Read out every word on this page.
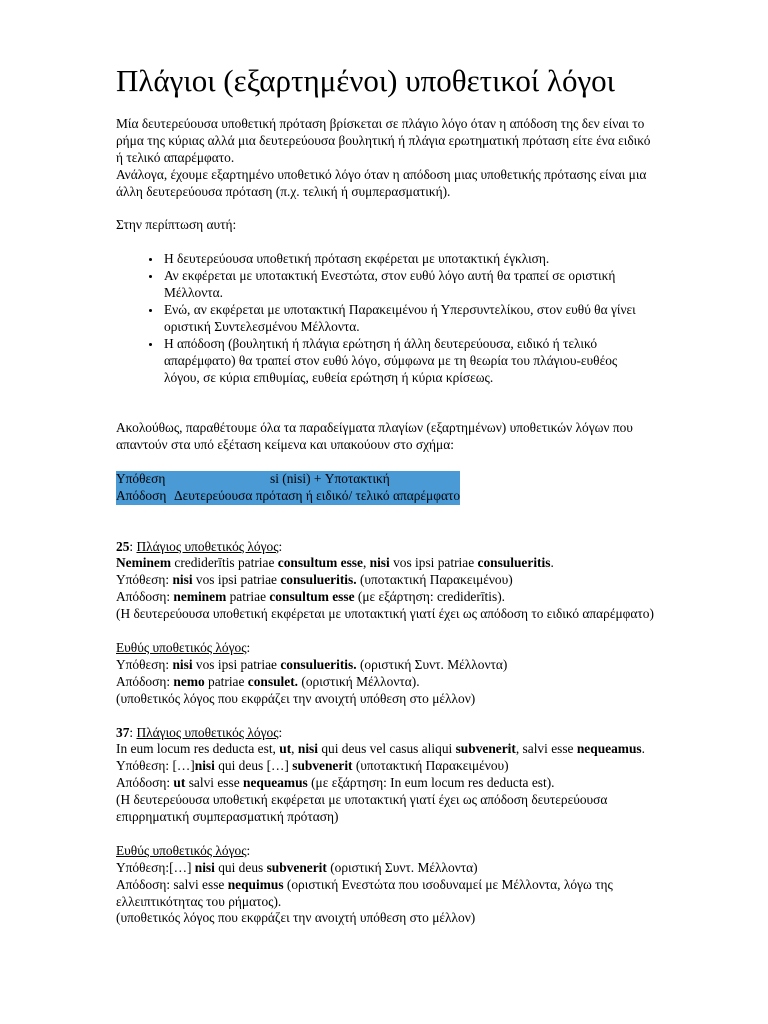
Πλάγιοι (εξαρτημένοι) υποθετικοί λόγοι

Μία δευτερεύουσα υποθετική πρόταση βρίσκεται σε πλάγιο λόγο όταν η απόδοση της δεν είναι το ρήμα της κύριας αλλά μια δευτερεύουσα βουλητική ή πλάγια ερωτηματική πρόταση είτε ένα ειδικό ή τελικό απαρέμφατο.

Ανάλογα, έχουμε εξαρτημένο υποθετικό λόγο όταν η απόδοση μιας υποθετικής πρότασης είναι μια άλλη δευτερεύουσα πρόταση (π.χ. τελική ή συμπερασματική).

Στην περίπτωση αυτή:

• Η δευτερεύουσα υποθετική πρόταση εκφέρεται με υποτακτική έγκλιση.
• Αν εκφέρεται με υποτακτική Ενεστώτα, στον ευθύ λόγο αυτή θα τραπεί σε οριστική Μέλλοντα.
• Ενώ, αν εκφέρεται με υποτακτική Παρακειμένου ή Υπερσυντελίκου, στον ευθύ θα γίνει οριστική Συντελεσμένου Μέλλοντα.
• Η απόδοση (βουλητική ή πλάγια ερώτηση ή άλλη δευτερεύουσα, ειδικό ή τελικό απαρέμφατο) θα τραπεί στον ευθύ λόγο, σύμφωνα με τη θεωρία του πλάγιου-ευθέος λόγου, σε κύρια επιθυμίας, ευθεία ερώτηση ή κύρια κρίσεως.

Ακολούθως, παραθέτουμε όλα τα παραδείγματα πλαγίων (εξαρτημένων) υποθετικών λόγων που απαντούν στα υπό εξέταση κείμενα και υπακούουν στο σχήμα:

Υπόθεση		si (nisi) + Υποτακτική
Απόδοση	Δευτερεύουσα πρόταση ή ειδικό/ τελικό απαρέμφατο	

25: Πλάγιος υποθετικός λόγος:

Neminem crediderītis patriae consultum esse, nisi vos ipsi patriae consulueritis.

Υπόθεση: nisi vos ipsi patriae consulueritis. (υποτακτική Παρακειμένου)

Απόδοση: neminem patriae consultum esse (με εξάρτηση: crediderītis).

(Η δευτερεύουσα υποθετική εκφέρεται με υποτακτική γιατί έχει ως απόδοση το ειδικό απαρέμφατο)

Ευθύς υποθετικός λόγος:

Υπόθεση: nisi vos ipsi patriae consulueritis. (οριστική Συντ. Μέλλοντα)

Απόδοση: nemo patriae consulet. (οριστική Μέλλοντα).

(υποθετικός λόγος που εκφράζει την ανοιχτή υπόθεση στο μέλλον)

37: Πλάγιος υποθετικός λόγος:

In eum locum res deducta est, ut, nisi qui deus vel casus aliqui subvenerit, salvi esse nequeamus.

Υπόθεση: […]nisi qui deus […] subvenerit (υποτακτική Παρακειμένου)

Απόδοση: ut salvi esse nequeamus (με εξάρτηση: In eum locum res deducta est).

(Η δευτερεύουσα υποθετική εκφέρεται με υποτακτική γιατί έχει ως απόδοση δευτερεύουσα επιρρηματική συμπερασματική πρόταση)

Ευθύς υποθετικός λόγος:

Υπόθεση:[…] nisi qui deus subvenerit (οριστική Συντ. Μέλλοντα)

Απόδοση: salvi esse nequimus (οριστική Ενεστώτα που ισοδυναμεί με Μέλλοντα, λόγω της ελλειπτικότητας του ρήματος).

(υποθετικός λόγος που εκφράζει την ανοιχτή υπόθεση στο μέλλον)
